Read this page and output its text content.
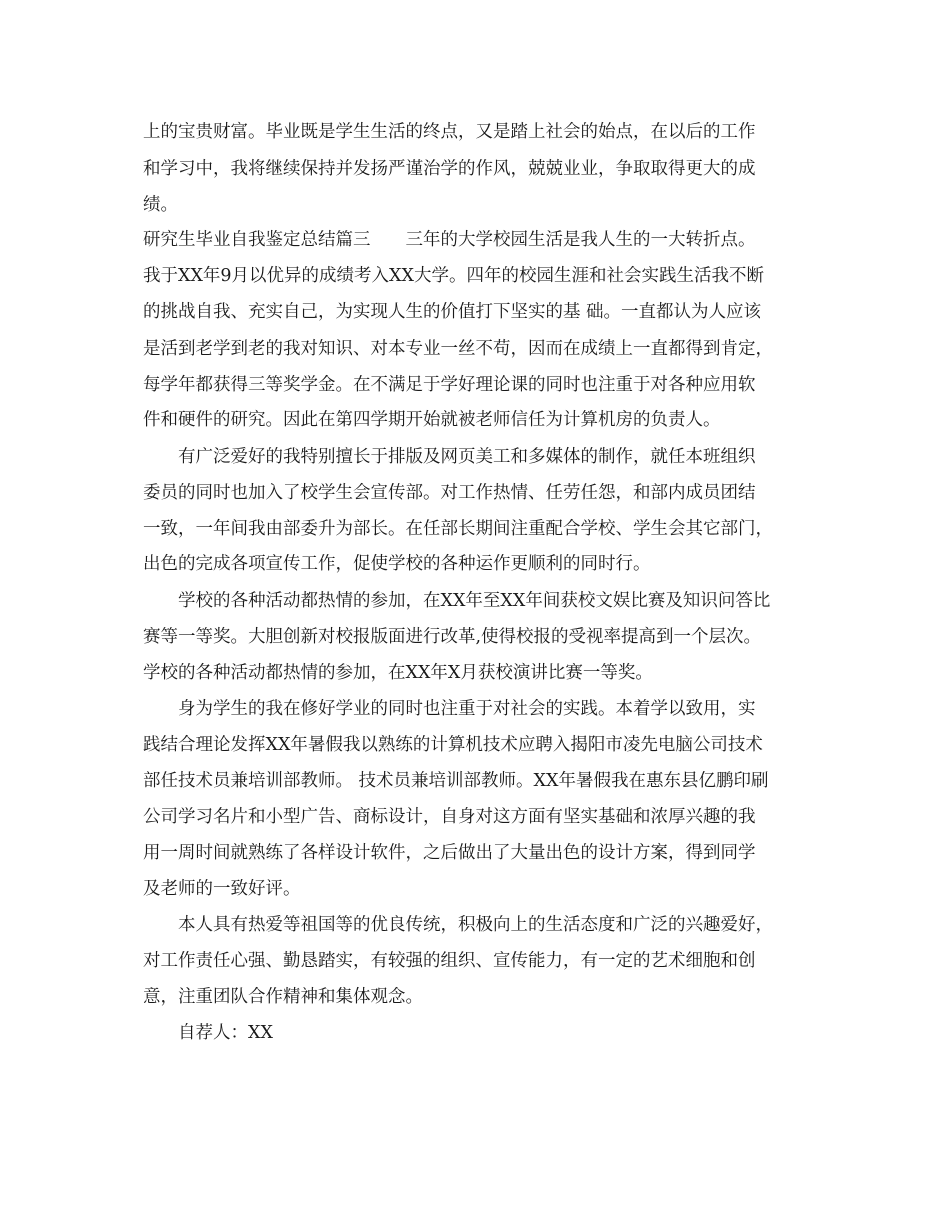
上的宝贵财富。毕业既是学生生活的终点，又是踏上社会的始点，在以后的工作
和学习中，我将继续保持并发扬严谨治学的作风，兢兢业业，争取取得更大的成
绩。
研究生毕业自我鉴定总结篇三　　三年的大学校园生活是我人生的一大转折点。
我于XX年9月以优异的成绩考入XX大学。四年的校园生涯和社会实践生活我不断
的挑战自我、充实自己，为实现人生的价值打下坚实的基 础。一直都认为人应该
是活到老学到老的我对知识、对本专业一丝不苟，因而在成绩上一直都得到肯定，
每学年都获得三等奖学金。在不满足于学好理论课的同时也注重于对各种应用软
件和硬件的研究。因此在第四学期开始就被老师信任为计算机房的负责人。
有广泛爱好的我特别擅长于排版及网页美工和多媒体的制作，就任本班组织
委员的同时也加入了校学生会宣传部。对工作热情、任劳任怨，和部内成员团结
一致，一年间我由部委升为部长。在任部长期间注重配合学校、学生会其它部门，
出色的完成各项宣传工作，促使学校的各种运作更顺利的同时行。
学校的各种活动都热情的参加，在XX年至XX年间获校文娱比赛及知识问答比
赛等一等奖。大胆创新对校报版面进行改革,使得校报的受视率提高到一个层次。
学校的各种活动都热情的参加，在XX年X月获校演讲比赛一等奖。
身为学生的我在修好学业的同时也注重于对社会的实践。本着学以致用，实
践结合理论发挥XX年暑假我以熟练的计算机技术应聘入揭阳市凌先电脑公司技术
部任技术员兼培训部教师。 技术员兼培训部教师。XX年暑假我在惠东县亿鹏印刷
公司学习名片和小型广告、商标设计，自身对这方面有坚实基础和浓厚兴趣的我
用一周时间就熟练了各样设计软件，之后做出了大量出色的设计方案，得到同学
及老师的一致好评。
本人具有热爱等祖国等的优良传统，积极向上的生活态度和广泛的兴趣爱好，
对工作责任心强、勤恳踏实，有较强的组织、宣传能力，有一定的艺术细胞和创
意，注重团队合作精神和集体观念。
自荐人：XX
